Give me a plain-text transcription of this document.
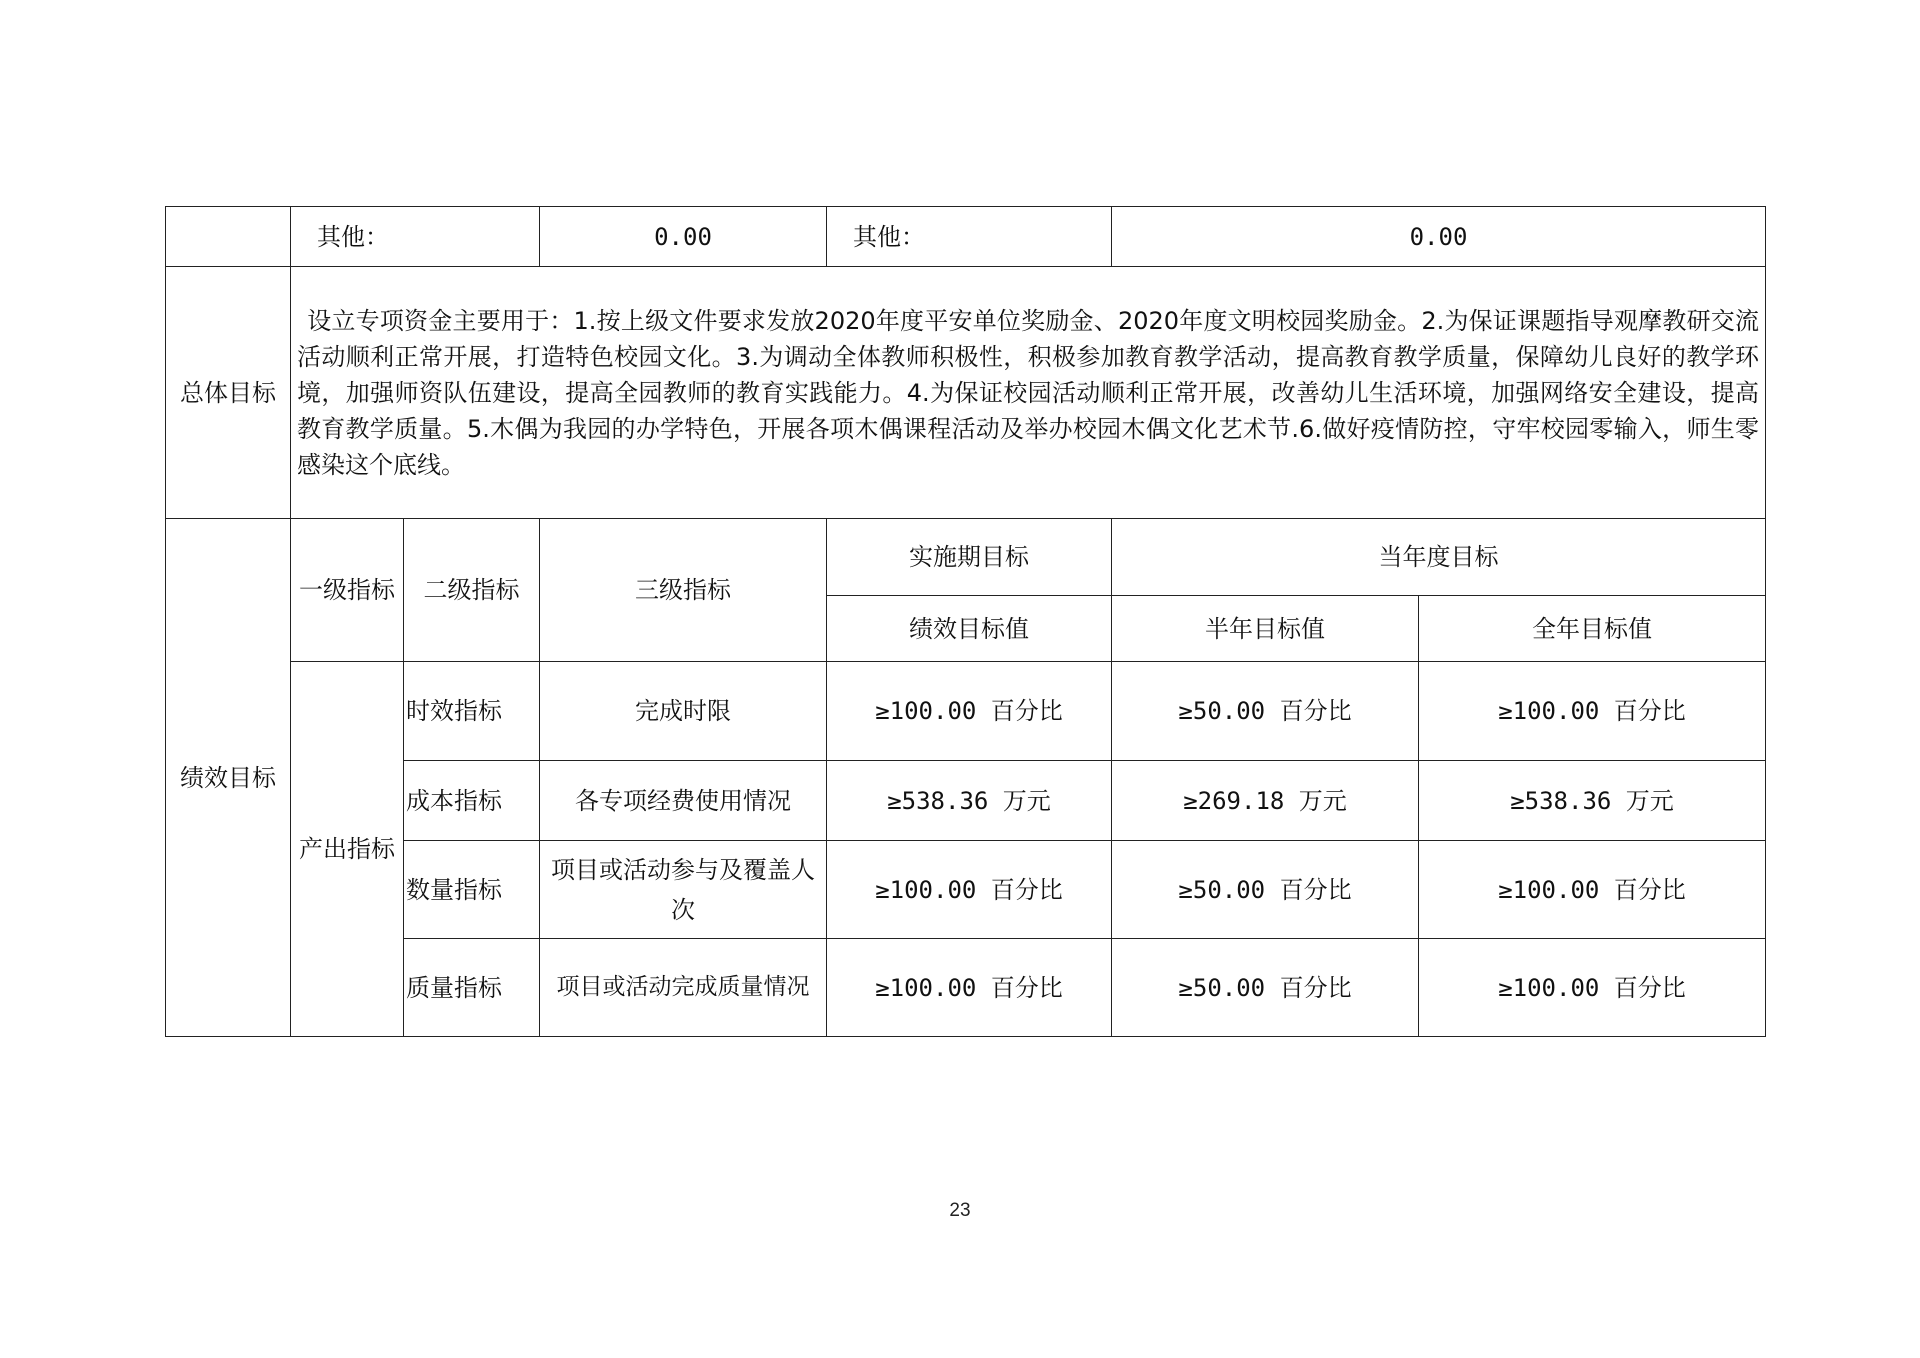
	其他：		0.00	其他：	0.00	
总体目标	设立专项资金主要用于：1.按上级文件要求发放2020年度平安单位奖励金、2020年度文明校园奖励金。2.为保证课题指导观摩教研交流活动顺利正常开展，打造特色校园文化。3.为调动全体教师积极性，积极参加教育教学活动，提高教育教学质量，保障幼儿良好的教学环境，加强师资队伍建设，提高全园教师的教育实践能力。4.为保证校园活动顺利正常开展，改善幼儿生活环境，加强网络安全建设，提高教育教学质量。5.木偶为我园的办学特色，开展各项木偶课程活动及举办校园木偶文化艺术节.6.做好疫情防控，守牢校园零输入，师生零感染这个底线。					
绩效目标	一级指标	二级指标	三级指标	实施期目标	当年度目标	
				绩效目标值	半年目标值	全年目标值
	产出指标	时效指标	完成时限	≥100.00 百分比	≥50.00 百分比	≥100.00 百分比
		成本指标	各专项经费使用情况	≥538.36 万元	≥269.18 万元	≥538.36 万元
		数量指标	项目或活动参与及覆盖人次	≥100.00 百分比	≥50.00 百分比	≥100.00 百分比
		质量指标	项目或活动完成质量情况	≥100.00 百分比	≥50.00 百分比	≥100.00 百分比
23
